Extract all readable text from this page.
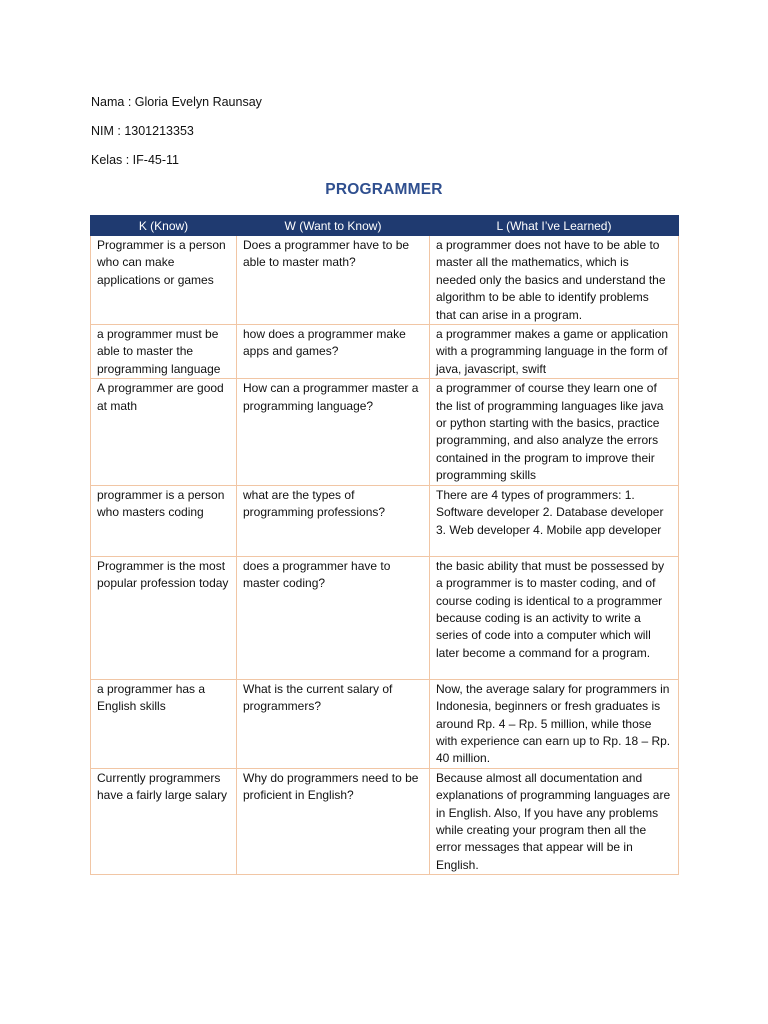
Nama : Gloria Evelyn Raunsay
NIM : 1301213353
Kelas : IF-45-11
PROGRAMMER
K (Know)	W (Want to Know)	L (What I’ve Learned)
Programmer is a person who can make applications or games	Does a programmer have to be able to master math?	a programmer does not have to be able to master all the mathematics, which is needed only the basics and understand the algorithm to be able to identify problems that can arise in a program.
a programmer must be able to master the programming language	how does a programmer make apps and games?	a programmer makes a game or application with a programming language in the form of java, javascript, swift
A programmer are good at math	How can a programmer master a programming language?	a programmer of course they learn one of the list of programming languages like java or python starting with the basics, practice programming, and also analyze the errors contained in the program to improve their programming skills
programmer is a person who masters coding	what are the types of programming professions?	There are 4 types of programmers: 1. Software developer 2. Database developer 3. Web developer 4. Mobile app developer
Programmer is the most popular profession today	does a programmer have to master coding?	the basic ability that must be possessed by a programmer is to master coding, and of course coding is identical to a programmer because coding is an activity to write a series of code into a computer which will later become a command for a program.
a programmer has a English skills	What is the current salary of programmers?	Now, the average salary for programmers in Indonesia, beginners or fresh graduates is around Rp. 4 – Rp. 5 million, while those with experience can earn up to Rp. 18 – Rp. 40 million.
Currently programmers have a fairly large salary	Why do programmers need to be proficient in English?	Because almost all documentation and explanations of programming languages are in English. Also, If you have any problems while creating your program then all the error messages that appear will be in English.
